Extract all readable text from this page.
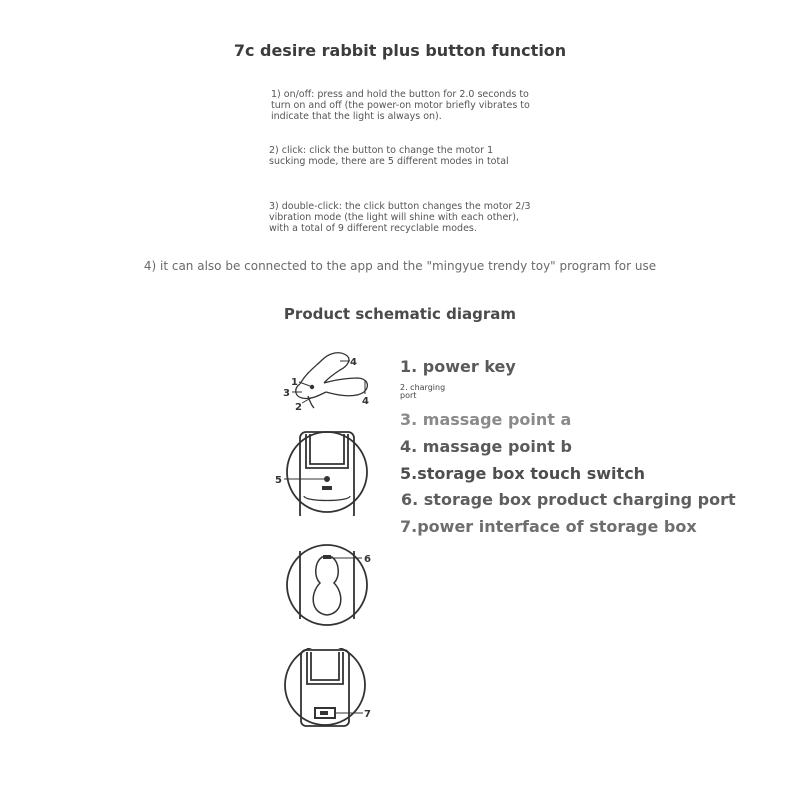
7c desire rabbit plus button function
1) on/off: press and hold the button for 2.0 seconds to turn on and off (the power-on motor briefly vibrates to indicate that the light is always on).
2) click: click the button to change the motor 1 sucking mode, there are 5 different modes in total
3) double-click: the click button changes the motor 2/3 vibration mode (the light will shine with each other), with a total of 9 different recyclable modes.
4) it can also be connected to the app and the "mingyue trendy toy" program for use
Product schematic diagram
1
2
3
4
4
5
6
7
1. power key
2. charging port
3. massage point a
4. massage point b
5.storage box touch switch
6. storage box product charging port
7.power interface of storage box
